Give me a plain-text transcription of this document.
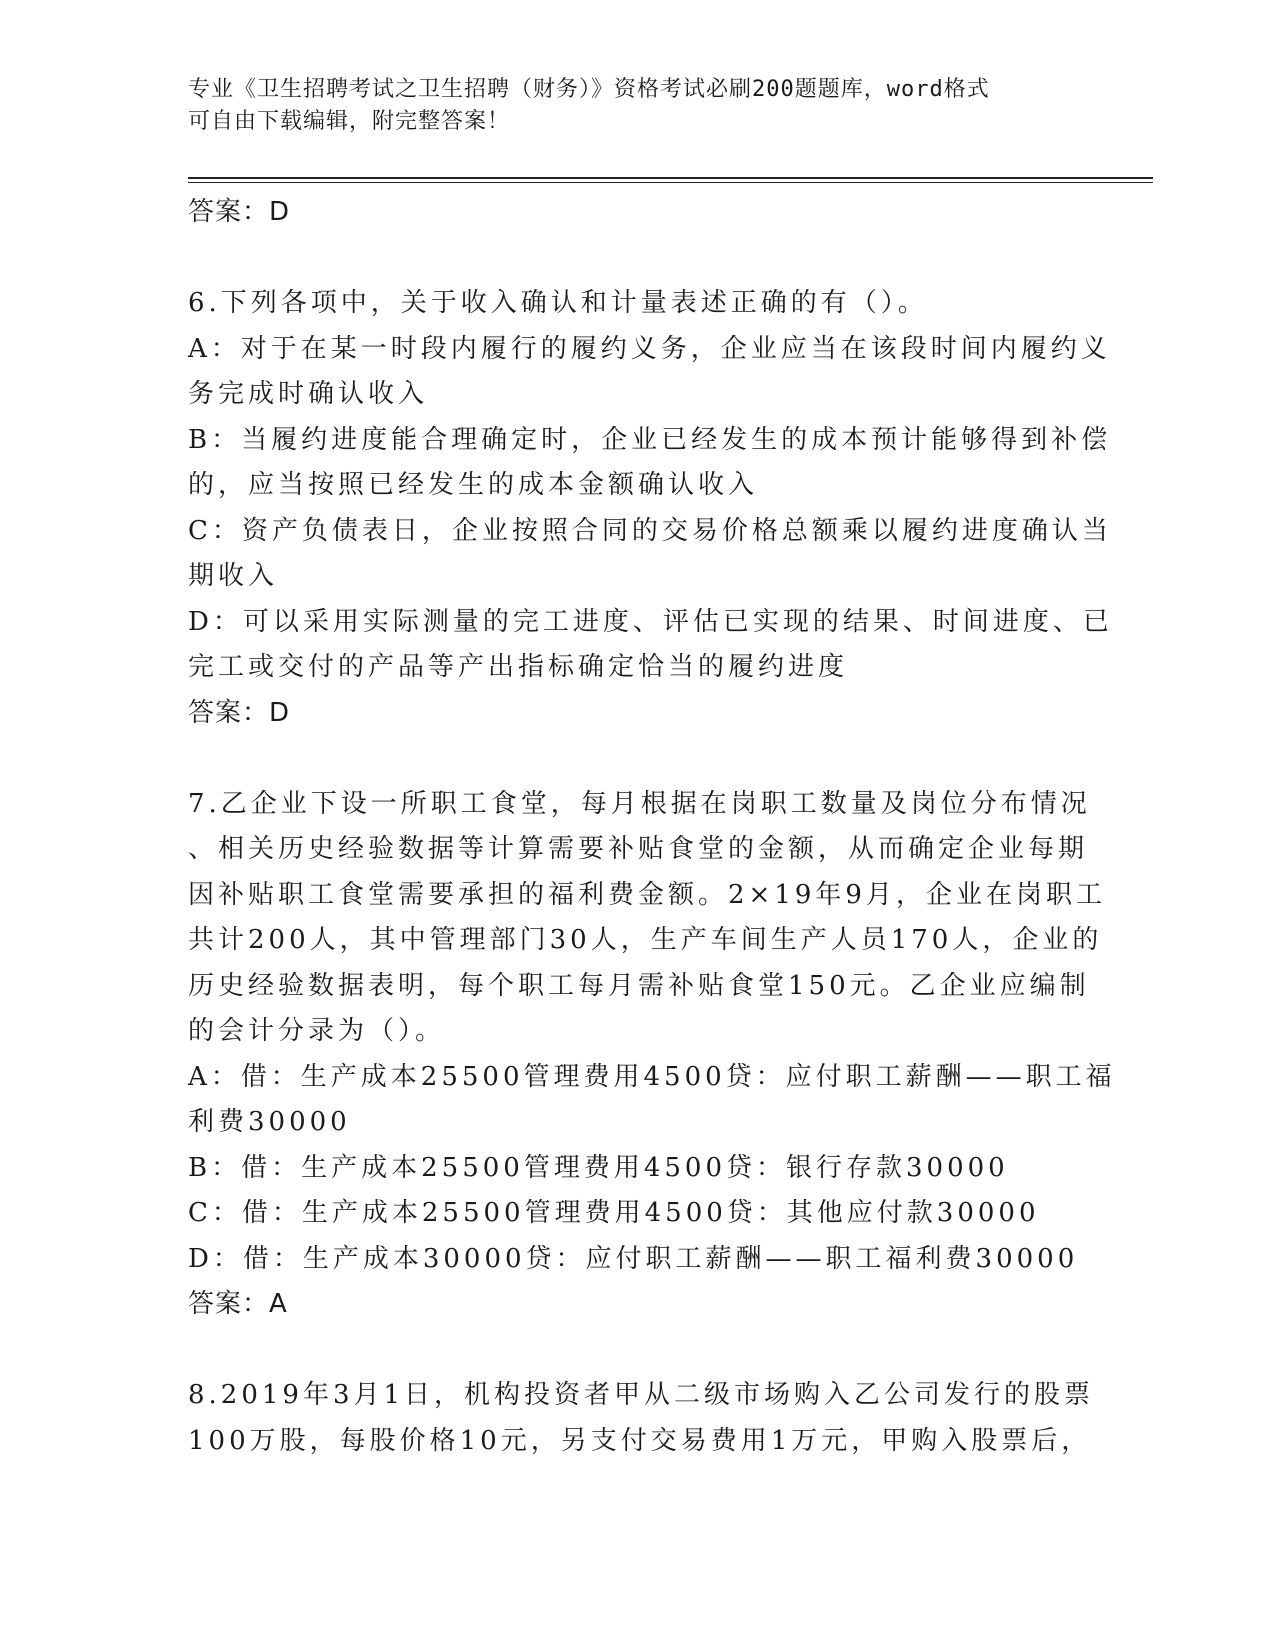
专业《卫生招聘考试之卫生招聘（财务）》资格考试必刷200题题库，word格式
可自由下载编辑，附完整答案！
答案：D
6.下列各项中，关于收入确认和计量表述正确的有（）。
A：对于在某一时段内履行的履约义务，企业应当在该段时间内履约义
务完成时确认收入
B：当履约进度能合理确定时，企业已经发生的成本预计能够得到补偿
的，应当按照已经发生的成本金额确认收入
C：资产负债表日，企业按照合同的交易价格总额乘以履约进度确认当
期收入
D：可以采用实际测量的完工进度、评估已实现的结果、时间进度、已
完工或交付的产品等产出指标确定恰当的履约进度
答案：D
7.乙企业下设一所职工食堂，每月根据在岗职工数量及岗位分布情况
、相关历史经验数据等计算需要补贴食堂的金额，从而确定企业每期
因补贴职工食堂需要承担的福利费金额。2×19年9月，企业在岗职工
共计200人，其中管理部门30人，生产车间生产人员170人，企业的
历史经验数据表明，每个职工每月需补贴食堂150元。乙企业应编制
的会计分录为（）。
A：借：生产成本25500管理费用4500贷：应付职工薪酬——职工福
利费30000
B：借：生产成本25500管理费用4500贷：银行存款30000
C：借：生产成本25500管理费用4500贷：其他应付款30000
D：借：生产成本30000贷：应付职工薪酬——职工福利费30000
答案：A
8.2019年3月1日，机构投资者甲从二级市场购入乙公司发行的股票
100万股，每股价格10元，另支付交易费用1万元，甲购入股票后，
